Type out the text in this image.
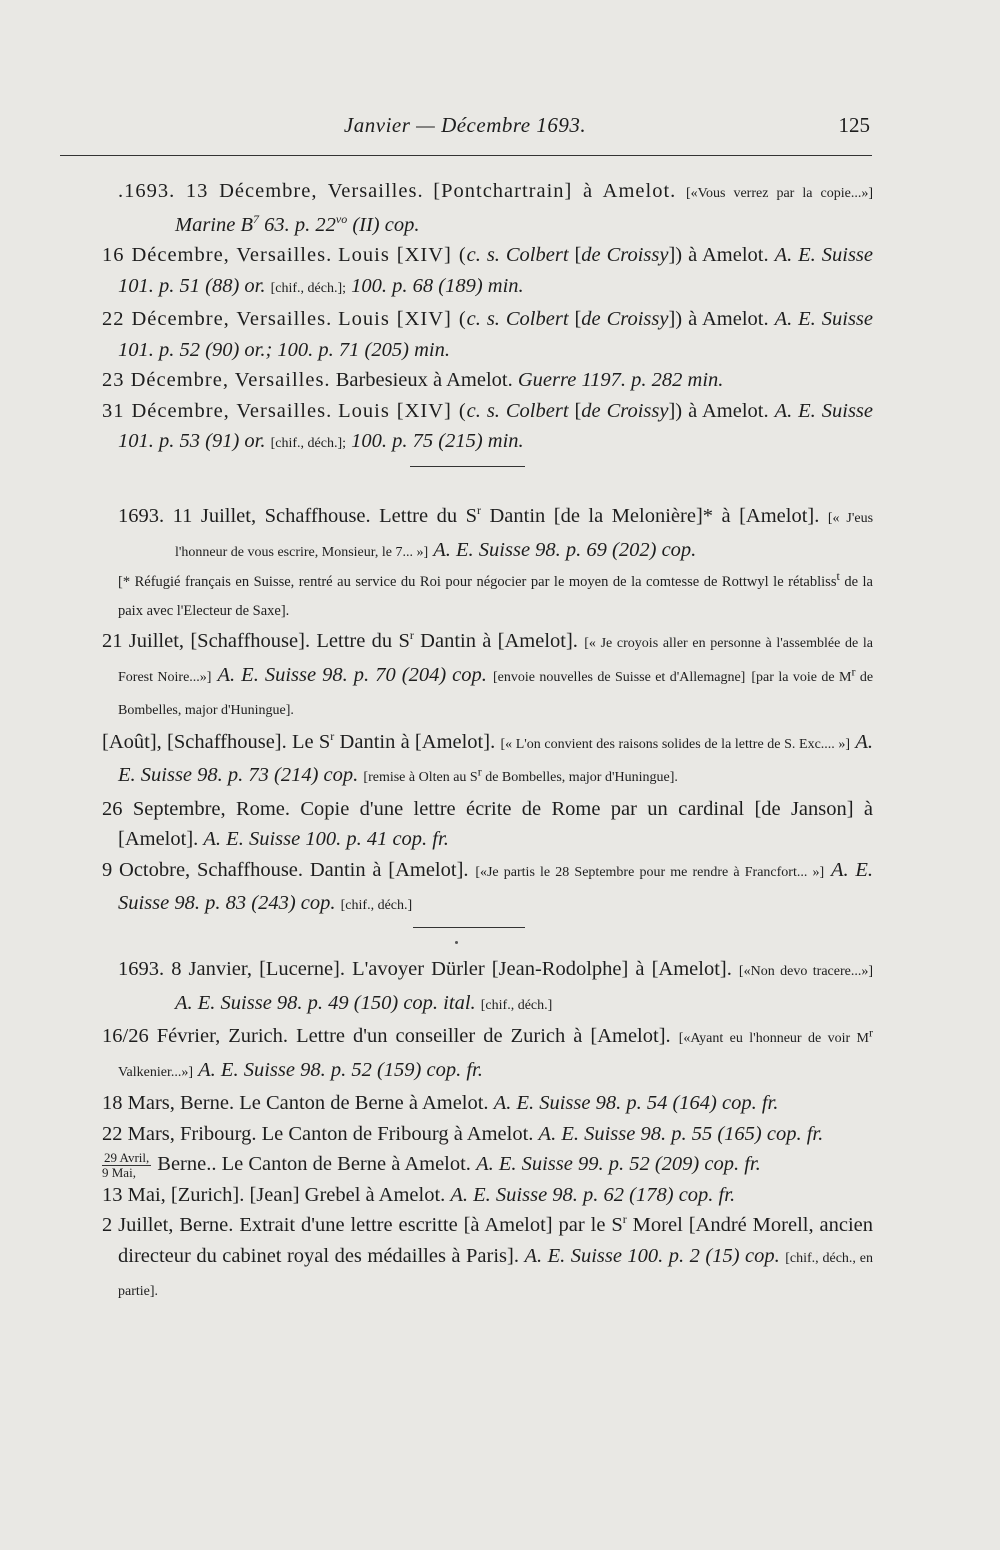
Janvier — Décembre 1693.	125

.1693. 13 Décembre, Versailles. [Pontchartrain] à Amelot. [«Vous verrez par la copie...»] Marine $B^7$ 63. p. $22^{vo}$ (II) cop.

16 Décembre, Versailles. Louis [XIV] (c. s. Colbert [de Croissy]) à Amelot. A. E. Suisse 101. p. 51 (88) or. [chif., déch.]; 100. p. 68 (189) min.

22 Décembre, Versailles. Louis [XIV] (c. s. Colbert [de Croissy]) à Amelot. A. E. Suisse 101. p. 52 (90) or.; 100. p. 71 (205) min.

23 Décembre, Versailles. Barbesieux à Amelot. Guerre 1197. p. 282 min.

31 Décembre, Versailles. Louis [XIV] (c. s. Colbert [de Croissy]) à Amelot. A. E. Suisse 101. p. 53 (91) or. [chif., déch.]; 100. p. 75 (215) min.

1693. 11 Juillet, Schaffhouse. Lettre du $S^r$ Dantin [de la Melonière]* à [Amelot]. [« J'eus l'honneur de vous escrire, Monsieur, le 7... »] A. E. Suisse 98. p. 69 (202) cop.

[* Réfugié français en Suisse, rentré au service du Roi pour négocier par le moyen de la comtesse de Rottwyl le rétabliss$^t$ de la paix avec l'Electeur de Saxe].

21 Juillet, [Schaffhouse]. Lettre du $S^r$ Dantin à [Amelot]. [« Je croyois aller en personne à l'assemblée de la Forest Noire...»] A. E. Suisse 98. p. 70 (204) cop. [envoie nouvelles de Suisse et d'Allemagne] [par la voie de $M^r$ de Bombelles, major d'Huningue].

[Août], [Schaffhouse]. Le $S^r$ Dantin à [Amelot]. [« L'on convient des raisons solides de la lettre de S. Exc.... »] A. E. Suisse 98. p. 73 (214) cop. [remise à Olten au $S^r$ de Bombelles, major d'Huningue].

26 Septembre, Rome. Copie d'une lettre écrite de Rome par un cardinal [de Janson] à [Amelot]. A. E. Suisse 100. p. 41 cop. fr.

9 Octobre, Schaffhouse. Dantin à [Amelot]. [«Je partis le 28 Septembre pour me rendre à Francfort... »] A. E. Suisse 98. p. 83 (243) cop. [chif., déch.]

1693. 8 Janvier, [Lucerne]. L'avoyer Dürler [Jean-Rodolphe] à [Amelot]. [«Non devo tracere...»] A. E. Suisse 98. p. 49 (150) cop. ital. [chif., déch.]

16/26 Février, Zurich. Lettre d'un conseiller de Zurich à [Amelot]. [«Ayant eu l'honneur de voir $M^r$ Valkenier...»] A. E. Suisse 98. p. 52 (159) cop. fr.

18 Mars, Berne. Le Canton de Berne à Amelot. A. E. Suisse 98. p. 54 (164) cop. fr.

22 Mars, Fribourg. Le Canton de Fribourg à Amelot. A. E. Suisse 98. p. 55 (165) cop. fr.

$\frac{\text{29 Avril,}}{\text{9 Mai,}}$ Berne.. Le Canton de Berne à Amelot. A. E. Suisse 99. p. 52 (209) cop. fr.

13 Mai, [Zurich]. [Jean] Grebel à Amelot. A. E. Suisse 98. p. 62 (178) cop. fr.

2 Juillet, Berne. Extrait d'une lettre escritte [à Amelot] par le $S^r$ Morel [André Morell, ancien directeur du cabinet royal des médailles à Paris]. A. E. Suisse 100. p. 2 (15) cop. [chif., déch., en partie].
